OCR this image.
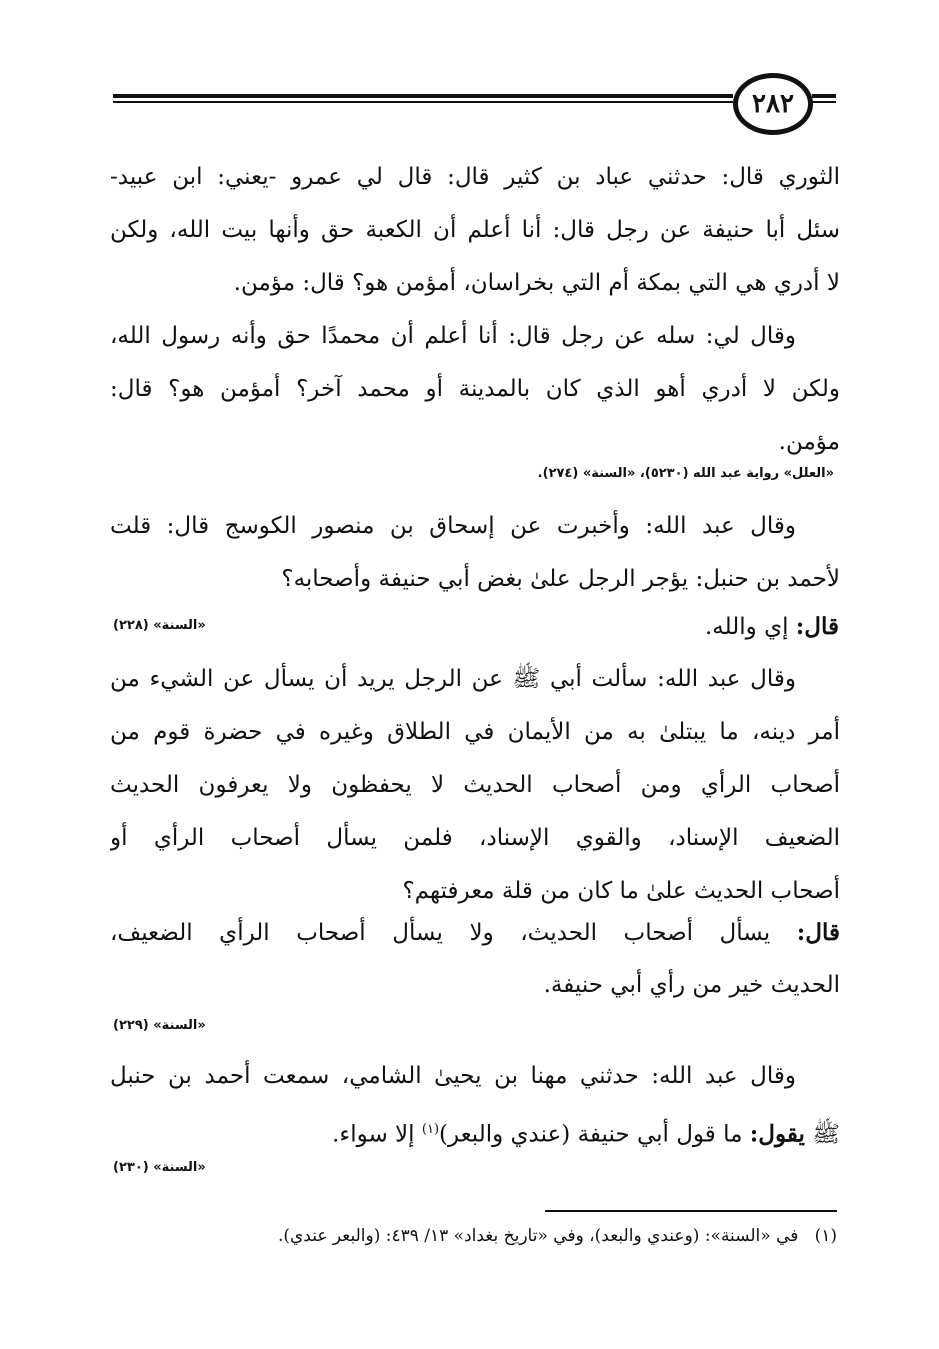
٢٨٢
الثوري قال: حدثني عباد بن كثير قال: قال لي عمرو -يعني: ابن عبيد-
سئل أبا حنيفة عن رجل قال: أنا أعلم أن الكعبة حق وأنها بيت الله، ولكن
لا أدري هي التي بمكة أم التي بخراسان، أمؤمن هو؟ قال: مؤمن.
وقال لي: سله عن رجل قال: أنا أعلم أن محمدًا حق وأنه رسول الله،
ولكن لا أدري أهو الذي كان بالمدينة أو محمد آخر؟ أمؤمن هو؟ قال:
مؤمن.
«العلل» رواية عبد الله (٥٢٣٠)، «السنة» (٢٧٤).
وقال عبد الله: وأخبرت عن إسحاق بن منصور الكوسج قال: قلت
لأحمد بن حنبل: يؤجر الرجل علىٰ بغض أبي حنيفة وأصحابه؟
قال: إي والله.
«السنة» (٢٢٨)
وقال عبد الله: سألت أبي ﷺ عن الرجل يريد أن يسأل عن الشيء من
أمر دينه، ما يبتلىٰ به من الأيمان في الطلاق وغيره في حضرة قوم من
أصحاب الرأي ومن أصحاب الحديث لا يحفظون ولا يعرفون الحديث
الضعيف الإسناد، والقوي الإسناد، فلمن يسأل أصحاب الرأي أو
أصحاب الحديث علىٰ ما كان من قلة معرفتهم؟
قال: يسأل أصحاب الحديث، ولا يسأل أصحاب الرأي الضعيف،
الحديث خير من رأي أبي حنيفة.
«السنة» (٢٢٩)
وقال عبد الله: حدثني مهنا بن يحيىٰ الشامي، سمعت أحمد بن حنبل
ﷺ يقول: ما قول أبي حنيفة (عندي والبعر)$^{(١)}$ إلا سواء.
«السنة» (٢٣٠)
(١)   في «السنة»: (وعندي والبعد)، وفي «تاريخ بغداد» ١٣/ ٤٣٩: (والبعر عندي).
